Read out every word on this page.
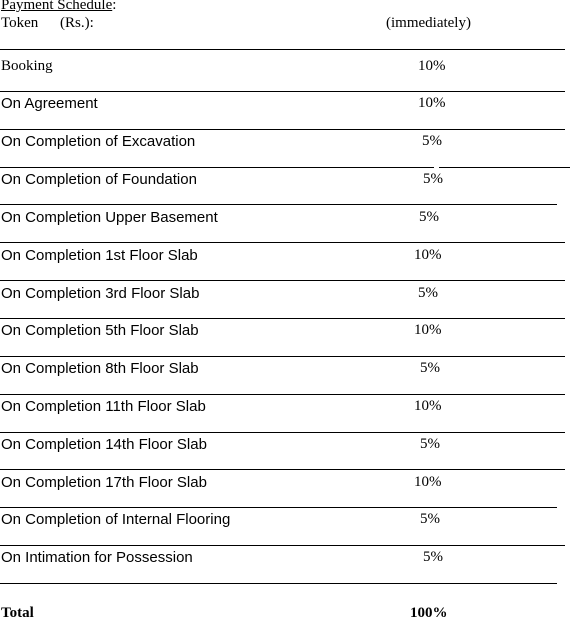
Payment Schedule:
Token (Rs.):	(immediately)
Booking	10%
On Agreement	10%
On Completion of Excavation	5%
On Completion of Foundation	5%
On Completion Upper Basement	5%
On Completion 1st Floor Slab	10%
On Completion 3rd Floor Slab	5%
On Completion 5th Floor Slab	10%
On Completion 8th Floor Slab	5%
On Completion 11th Floor Slab	10%
On Completion 14th Floor Slab	5%
On Completion 17th Floor Slab	10%
On Completion of Internal Flooring	5%
On Intimation for Possession	5%
Total	100%
